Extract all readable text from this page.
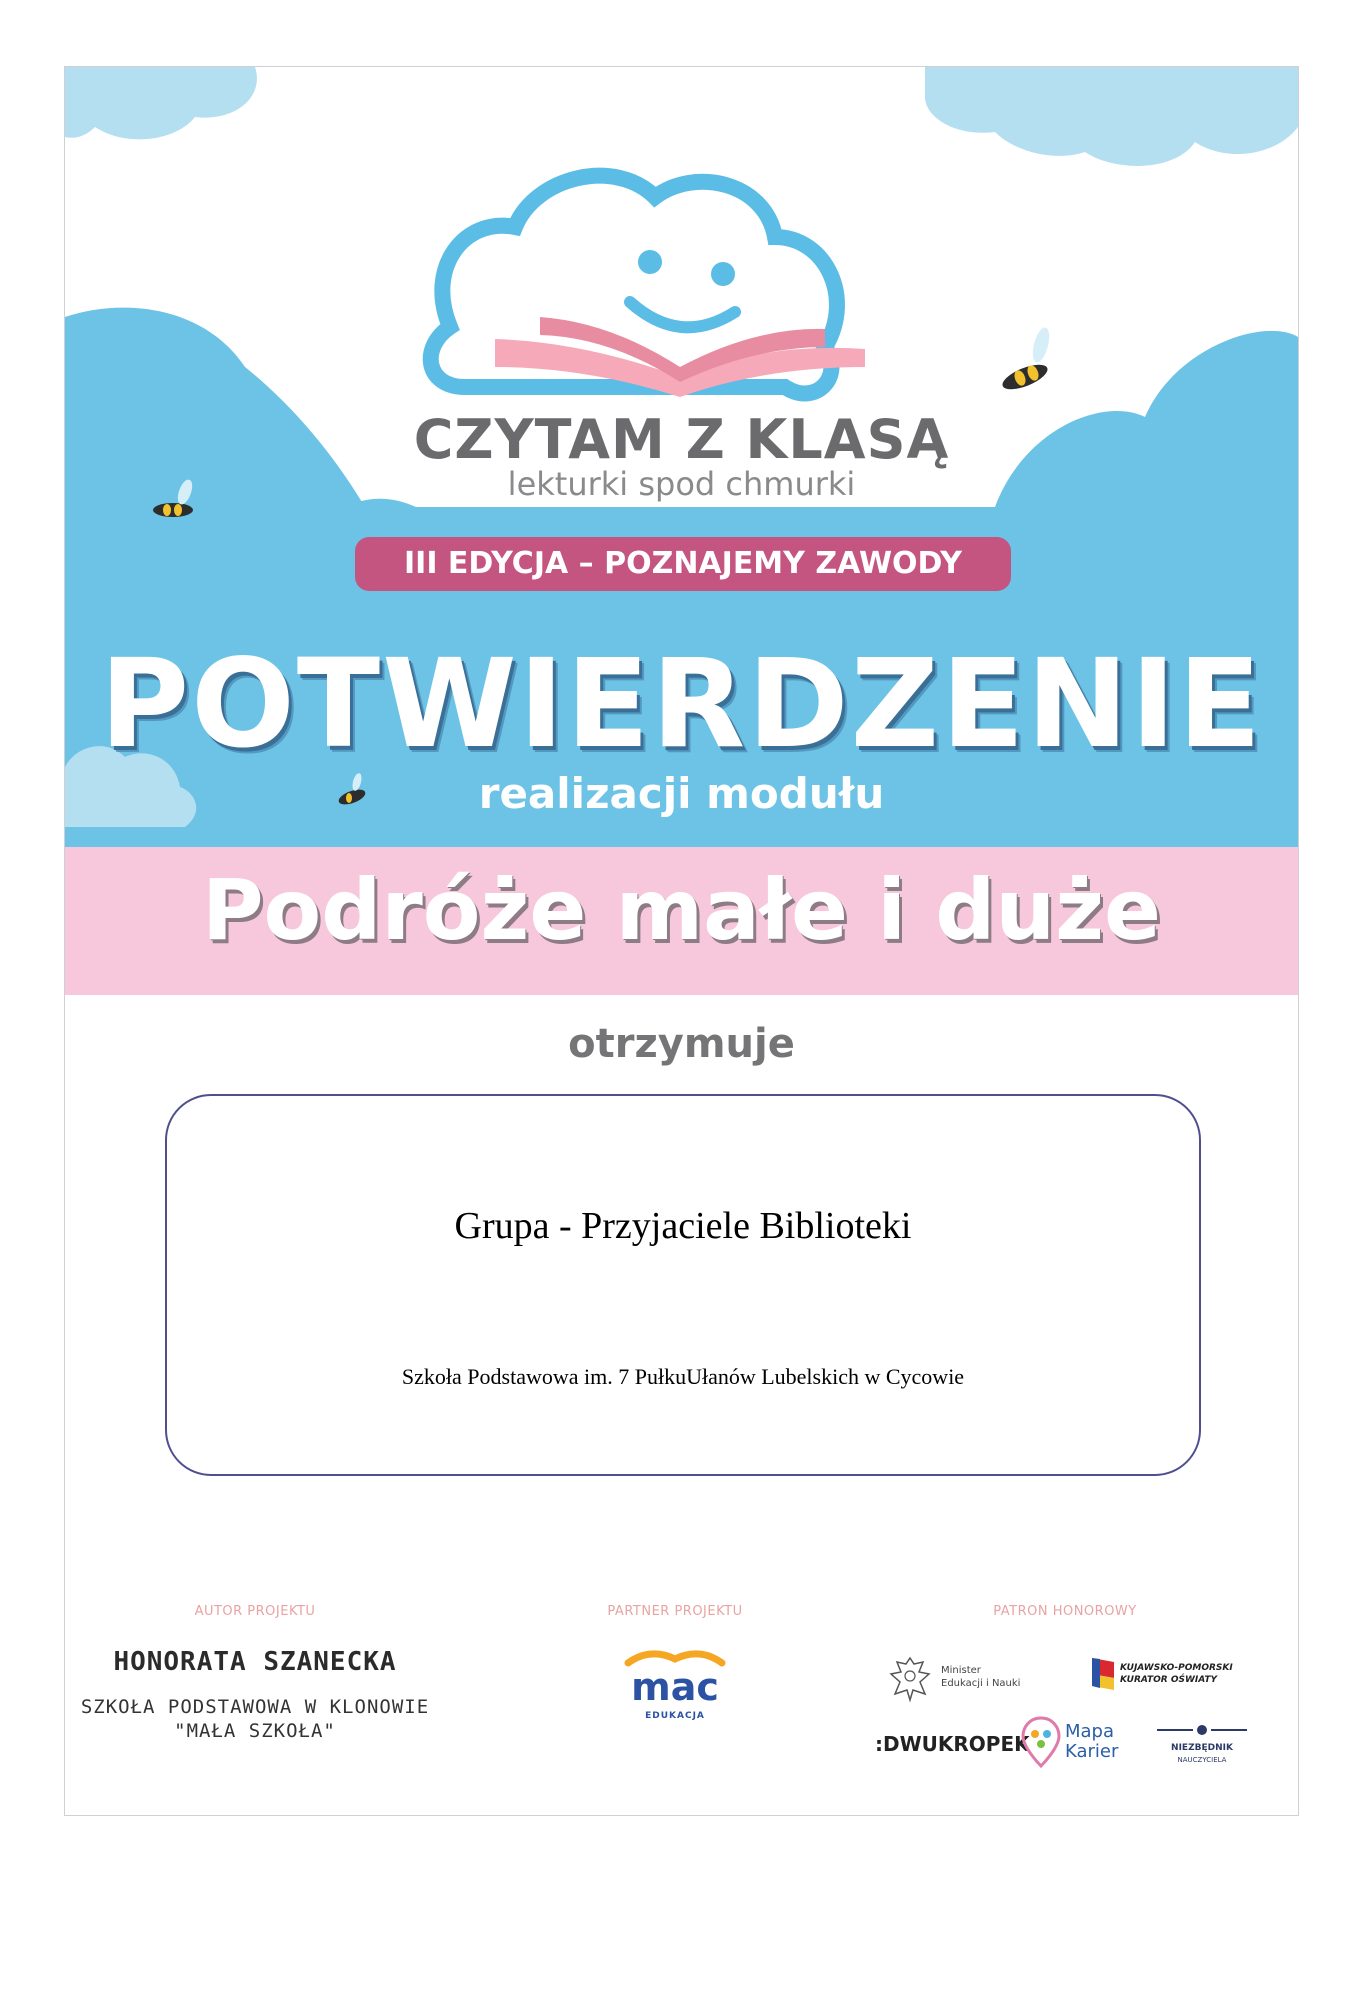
CZYTAM Z KLASĄ
lekturki spod chmurki
III EDYCJA – POZNAJEMY ZAWODY
POTWIERDZENIE
realizacji modułu
Podróże małe i duże
otrzymuje
Grupa - Przyjaciele Biblioteki
Szkoła Podstawowa im. 7 PułkuUłanów Lubelskich w Cycowie
AUTOR PROJEKTU
HONORATA SZANECKA
SZKOŁA PODSTAWOWA W KLONOWIE
"MAŁA SZKOŁA"
PARTNER PROJEKTU
mac
EDUKACJA
PATRON HONOROWY
Minister
Edukacji i Nauki
KUJAWSKO-POMORSKI
KURATOR OŚWIATY
:DWUKROPEK
Mapa
Karier	NIEZBĘDNIK
NAUCZYCIELA
